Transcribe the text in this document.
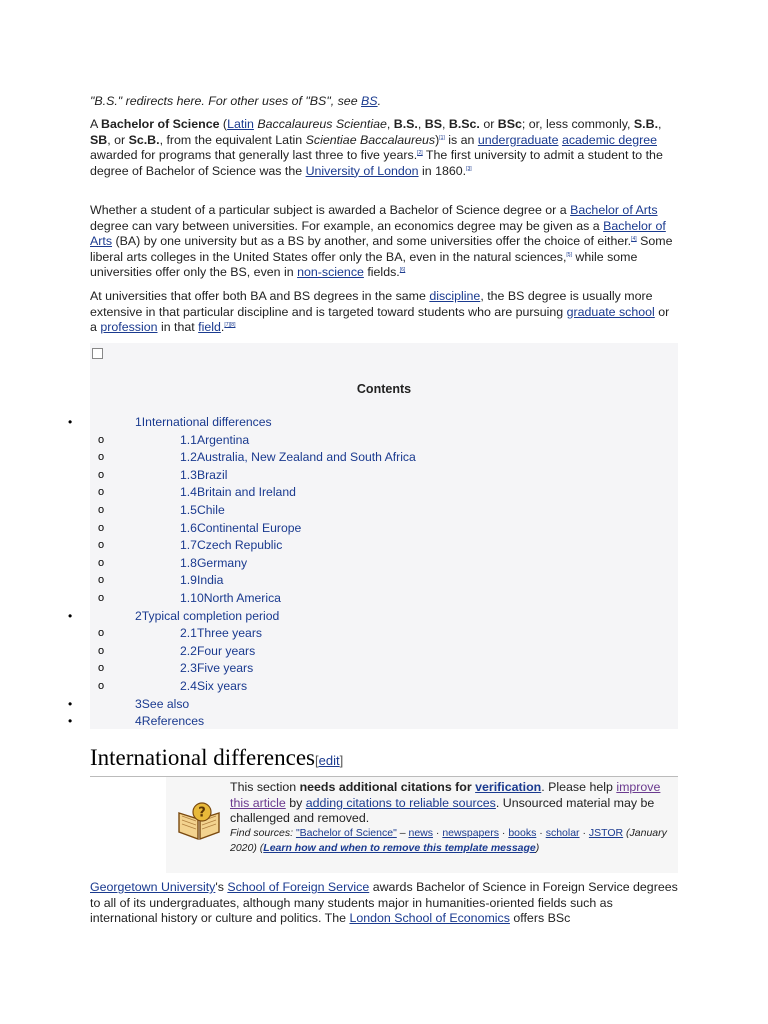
"B.S." redirects here. For other uses of "BS", see BS.

A Bachelor of Science (Latin Baccalaureus Scientiae, B.S., BS, B.Sc. or BSc; or, less commonly, S.B., SB, or Sc.B., from the equivalent Latin Scientiae Baccalaureus)[1] is an undergraduate academic degree awarded for programs that generally last three to five years.[2] The first university to admit a student to the degree of Bachelor of Science was the University of London in 1860.[3]

Whether a student of a particular subject is awarded a Bachelor of Science degree or a Bachelor of Arts degree can vary between universities. For example, an economics degree may be given as a Bachelor of Arts (BA) by one university but as a BS by another, and some universities offer the choice of either.[4] Some liberal arts colleges in the United States offer only the BA, even in the natural sciences,[5] while some universities offer only the BS, even in non-science fields.[6]

At universities that offer both BA and BS degrees in the same discipline, the BS degree is usually more extensive in that particular discipline and is targeted toward students who are pursuing graduate school or a profession in that field.[7][8]

Contents
•	1International differences
o	1.1Argentina
o	1.2Australia, New Zealand and South Africa
o	1.3Brazil
o	1.4Britain and Ireland
o	1.5Chile
o	1.6Continental Europe
o	1.7Czech Republic
o	1.8Germany
o	1.9India
o	1.10North America
•	2Typical completion period
o	2.1Three years
o	2.2Four years
o	2.3Five years
o	2.4Six years
•	3See also
•	4References
International differences[edit]
?
This section needs additional citations for verification. Please help improve this article by adding citations to reliable sources. Unsourced material may be challenged and removed.
Find sources: "Bachelor of Science" – news · newspapers · books · scholar · JSTOR (January 2020) (Learn how and when to remove this template message)

Georgetown University's School of Foreign Service awards Bachelor of Science in Foreign Service degrees to all of its undergraduates, although many students major in humanities-oriented fields such as international history or culture and politics. The London School of Economics offers BSc
